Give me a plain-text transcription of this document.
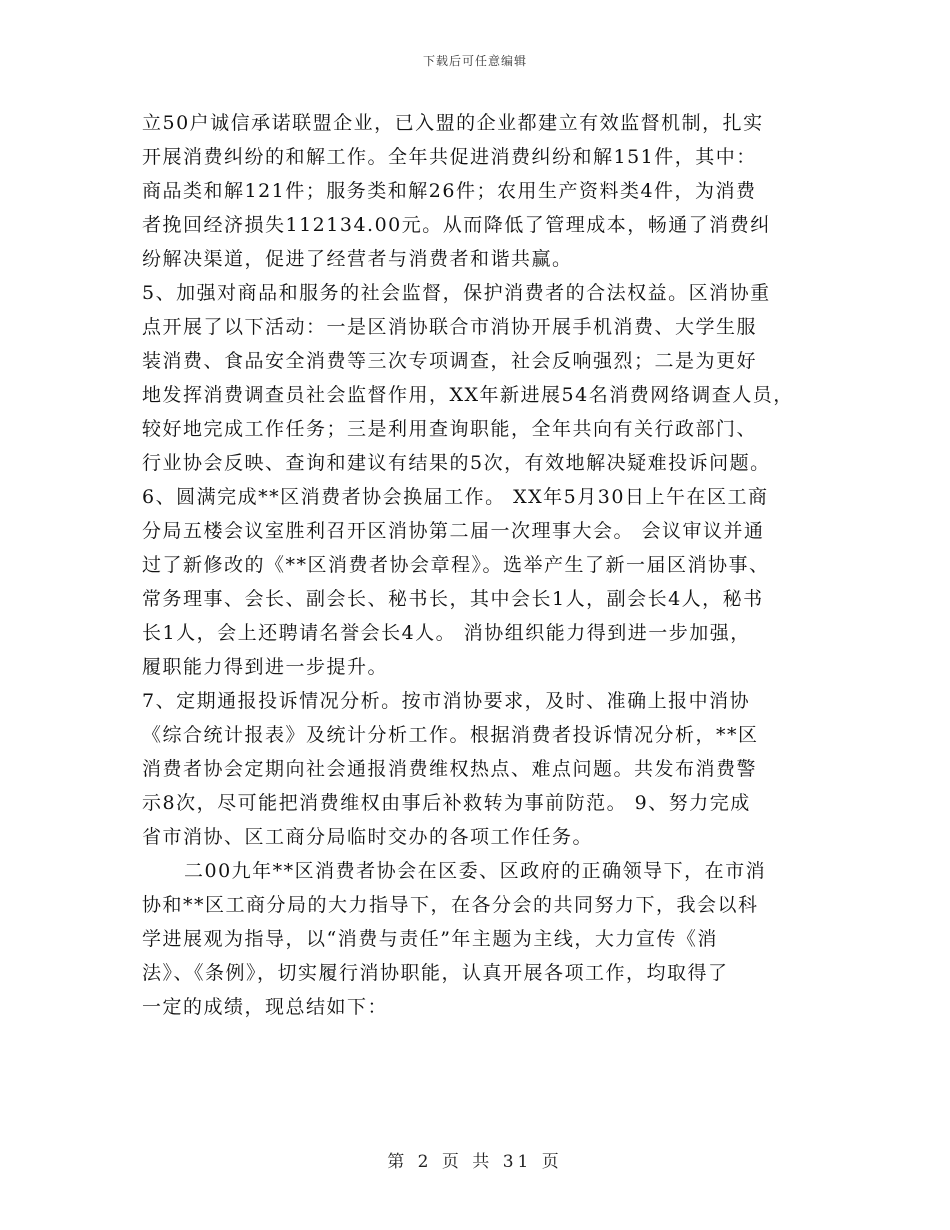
下载后可任意编辑
立50户诚信承诺联盟企业，已入盟的企业都建立有效监督机制，扎实
开展消费纠纷的和解工作。全年共促进消费纠纷和解151件，其中：
商品类和解121件；服务类和解26件；农用生产资料类4件，为消费
者挽回经济损失112134.00元。从而降低了管理成本，畅通了消费纠
纷解决渠道，促进了经营者与消费者和谐共赢。
5、加强对商品和服务的社会监督，保护消费者的合法权益。区消协重
点开展了以下活动：一是区消协联合市消协开展手机消费、大学生服
装消费、食品安全消费等三次专项调查，社会反响强烈；二是为更好
地发挥消费调查员社会监督作用，XX年新进展54名消费网络调查人员，
较好地完成工作任务；三是利用查询职能，全年共向有关行政部门、
行业协会反映、查询和建议有结果的5次，有效地解决疑难投诉问题。
6、圆满完成**区消费者协会换届工作。 XX年5月30日上午在区工商
分局五楼会议室胜利召开区消协第二届一次理事大会。 会议审议并通
过了新修改的《**区消费者协会章程》。选举产生了新一届区消协事、
常务理事、会长、副会长、秘书长，其中会长1人，副会长4人，秘书
长1人，会上还聘请名誉会长4人。 消协组织能力得到进一步加强，
履职能力得到进一步提升。
7、定期通报投诉情况分析。按市消协要求，及时、准确上报中消协
《综合统计报表》及统计分析工作。根据消费者投诉情况分析，**区
消费者协会定期向社会通报消费维权热点、难点问题。共发布消费警
示8次，尽可能把消费维权由事后补救转为事前防范。 9、努力完成
省市消协、区工商分局临时交办的各项工作任务。
二00九年**区消费者协会在区委、区政府的正确领导下，在市消
协和**区工商分局的大力指导下，在各分会的共同努力下，我会以科
学进展观为指导，以“消费与责任”年主题为主线，大力宣传《消
法》、《条例》，切实履行消协职能，认真开展各项工作，均取得了
一定的成绩，现总结如下：
第 2 页 共 31 页
